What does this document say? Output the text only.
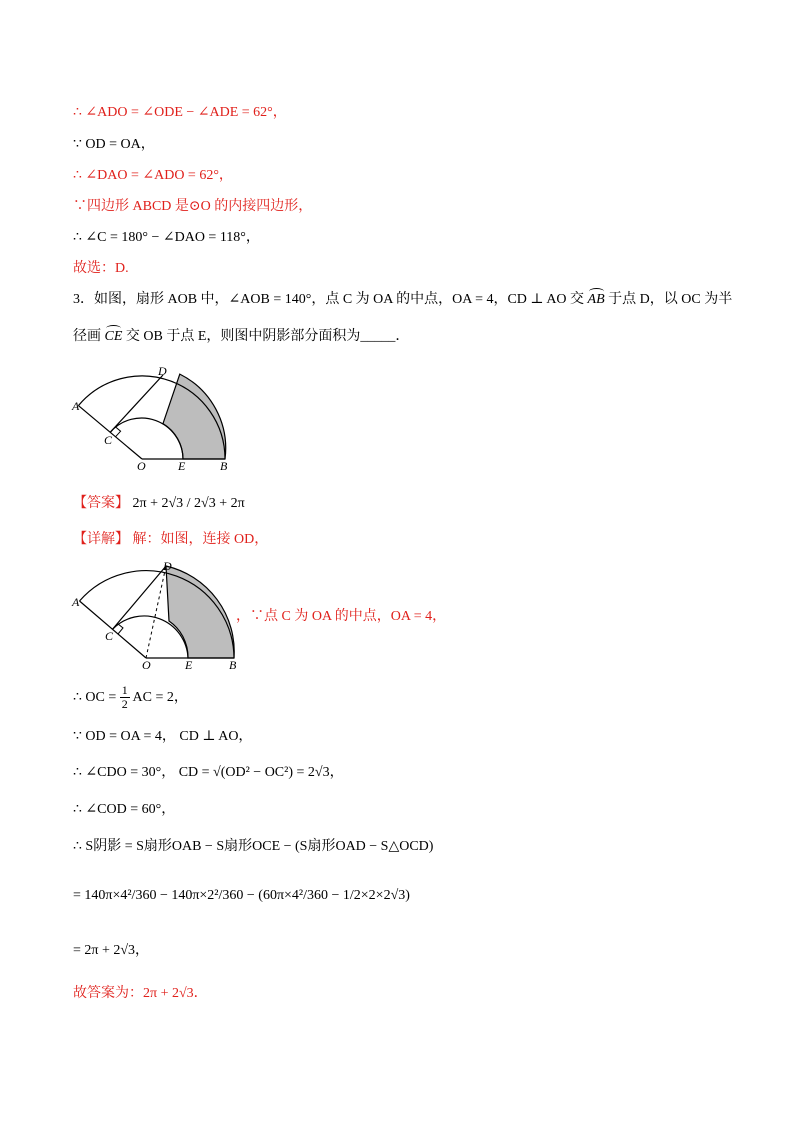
∴ ∠ADO = ∠ODE − ∠ADE = 62°，
∵ OD = OA，
∴ ∠DAO = ∠ADO = 62°，
∵四边形 ABCD 是⊙O 的内接四边形，
∴ ∠C = 180° − ∠DAO = 118°，
故选：D.
3．如图，扇形 AOB 中，∠AOB = 140°，点 C 为 OA 的中点，OA = 4，CD ⊥ AO 交 AB 于点 D，以 OC 为半
径画 CE 交 OB 于点 E，则图中阴影部分面积为_____．
D
A
C
O	E	B
【答案】 2π + 2√3 / 2√3 + 2π
【详解】 解：如图，连接 OD，
D
A
C
O	E	B
，∵点 C 为 OA 的中点，OA = 4，
∴ OC = $\frac{1}{2}$ AC = 2，
∵ OD = OA = 4， CD ⊥ AO，
∴ ∠CDO = 30°， CD = √(OD² − OC²) = 2√3，
∴ ∠COD = 60°，
∴ S阴影 = S扇形OAB − S扇形OCE − (S扇形OAD − S△OCD)
= 140π×4²/360 − 140π×2²/360 − (60π×4²/360 − 1/2×2×2√3)
= 2π + 2√3，
故答案为：2π + 2√3．
